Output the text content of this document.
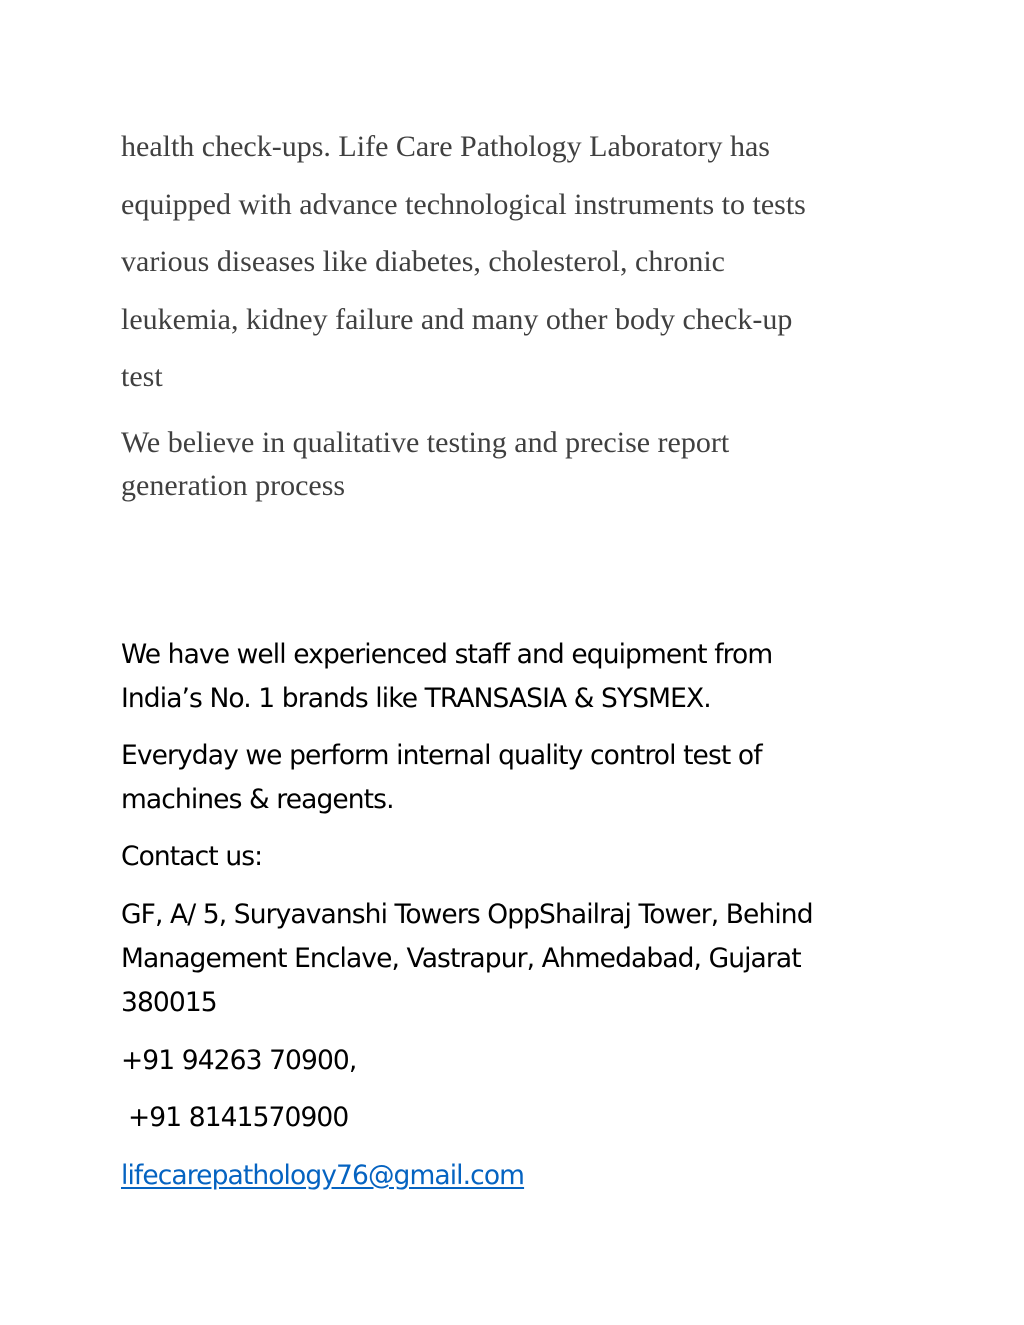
health check-ups. Life Care Pathology Laboratory has
equipped with advance technological instruments to tests
various diseases like diabetes, cholesterol, chronic
leukemia, kidney failure and many other body check-up
test

We believe in qualitative testing and precise report
generation process

We have well experienced staff and equipment from
India’s No. 1 brands like TRANSASIA & SYSMEX.

Everyday we perform internal quality control test of
machines & reagents.

Contact us:

GF, A/ 5, Suryavanshi Towers OppShailraj Tower, Behind
Management Enclave, Vastrapur, Ahmedabad, Gujarat
380015

+91 94263 70900,

+91 8141570900

lifecarepathology76@gmail.com
